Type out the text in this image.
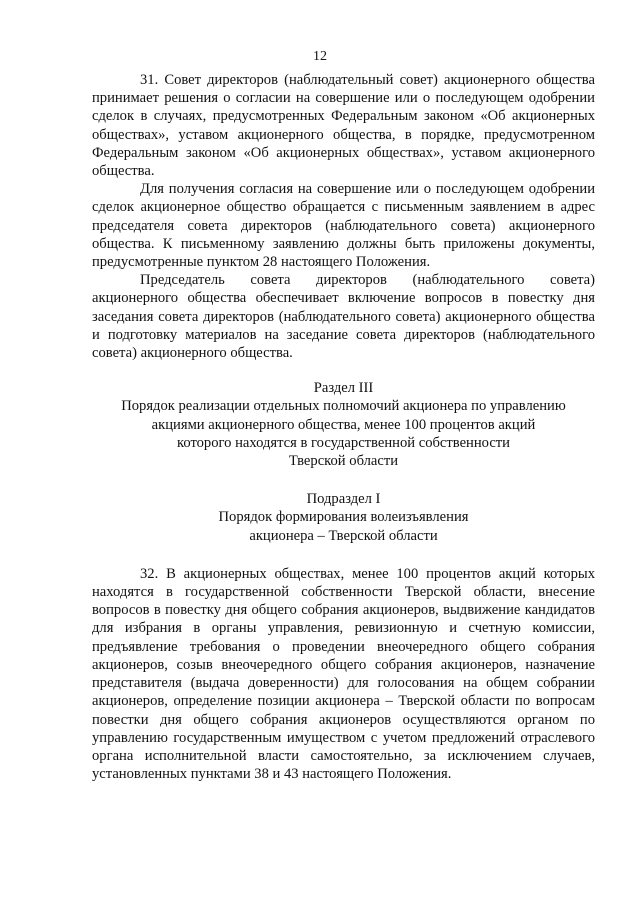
12

31. Совет директоров (наблюдательный совет) акционерного общества принимает решения о согласии на совершение или о последующем одобрении сделок в случаях, предусмотренных Федеральным законом «Об акционерных обществах», уставом акционерного общества, в порядке, предусмотренном Федеральным законом «Об акционерных обществах», уставом акционерного общества.

Для получения согласия на совершение или о последующем одобрении сделок акционерное общество обращается с письменным заявлением в адрес председателя совета директоров (наблюдательного совета) акционерного общества. К письменному заявлению должны быть приложены документы, предусмотренные пунктом 28 настоящего Положения.

Председатель совета директоров (наблюдательного совета) акционерного общества обеспечивает включение вопросов в повестку дня заседания совета директоров (наблюдательного совета) акционерного общества и подготовку материалов на заседание совета директоров (наблюдательного совета) акционерного общества.

Раздел III
Порядок реализации отдельных полномочий акционера по управлению
акциями акционерного общества, менее 100 процентов акций
которого находятся в государственной собственности
Тверской области
Подраздел I
Порядок формирования волеизъявления
акционера – Тверской области

32. В акционерных обществах, менее 100 процентов акций которых находятся в государственной собственности Тверской области, внесение вопросов в повестку дня общего собрания акционеров, выдвижение кандидатов для избрания в органы управления, ревизионную и счетную комиссии, предъявление требования о проведении внеочередного общего собрания акционеров, созыв внеочередного общего собрания акционеров, назначение представителя (выдача доверенности) для голосования на общем собрании акционеров, определение позиции акционера – Тверской области по вопросам повестки дня общего собрания акционеров осуществляются органом по управлению государственным имуществом с учетом предложений отраслевого органа исполнительной власти самостоятельно, за исключением случаев, установленных пунктами 38 и 43 настоящего Положения.
